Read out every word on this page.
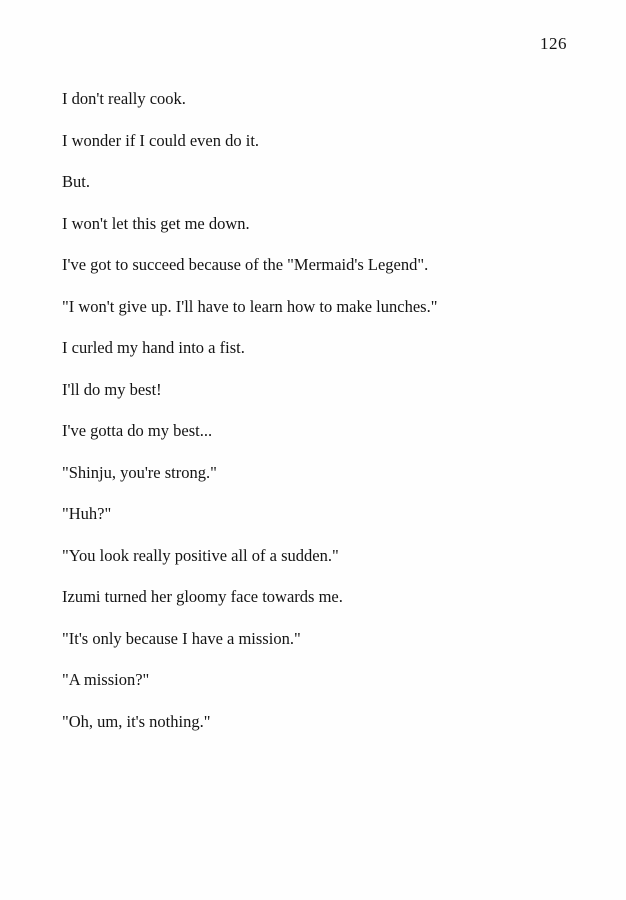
126

I don't really cook.

I wonder if I could even do it.

But.

I won't let this get me down.

I've got to succeed because of the "Mermaid's Legend".

"I won't give up. I'll have to learn how to make lunches."

I curled my hand into a fist.

I'll do my best!

I've gotta do my best...

"Shinju, you're strong."

"Huh?"

"You look really positive all of a sudden."

Izumi turned her gloomy face towards me.

"It's only because I have a mission."

"A mission?"

"Oh, um, it's nothing."
